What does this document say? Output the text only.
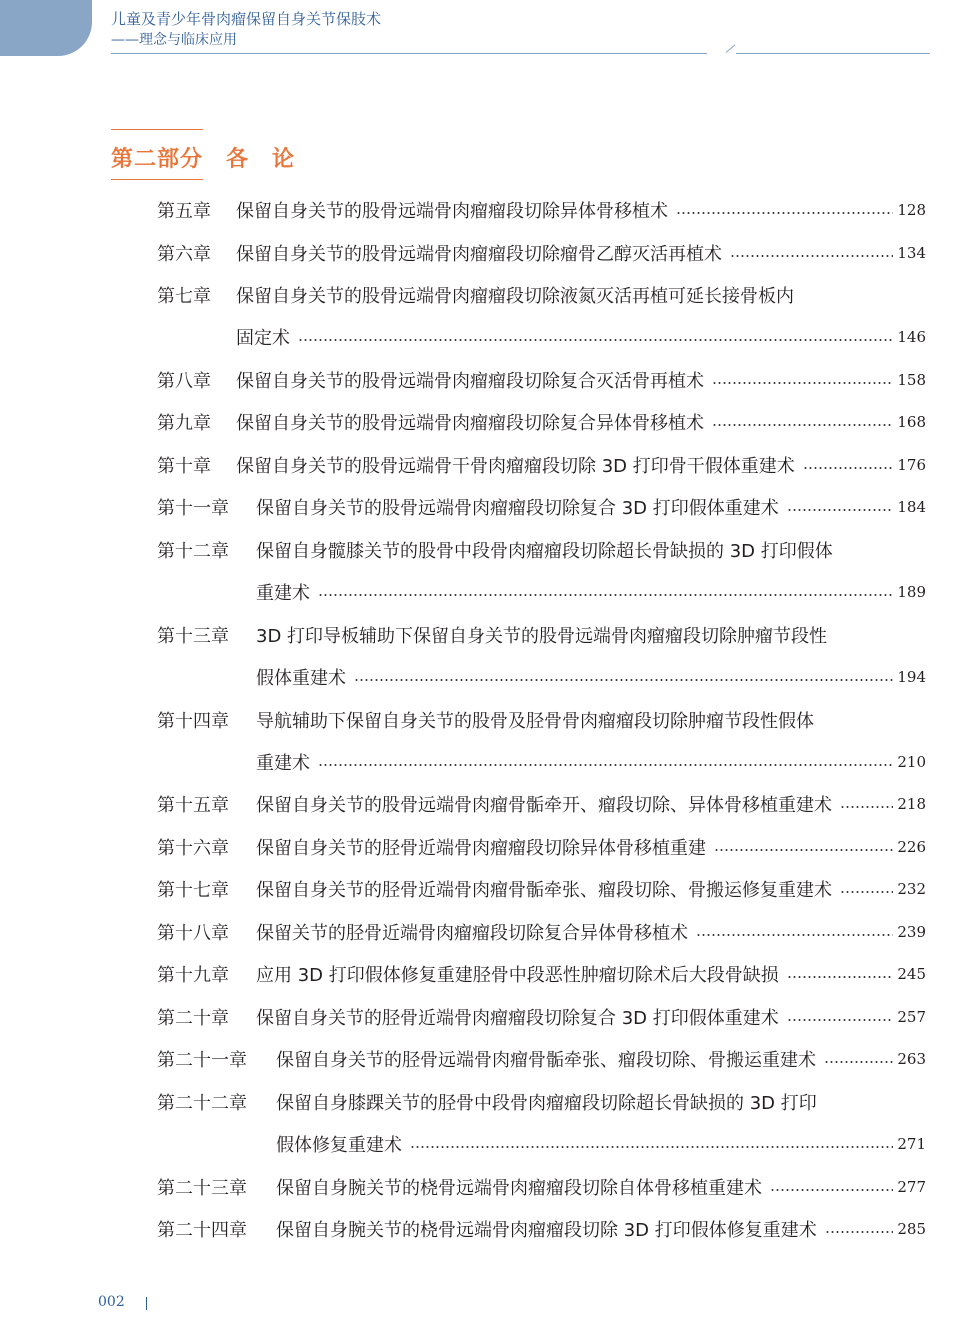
儿童及青少年骨肉瘤保留自身关节保肢术
——理念与临床应用
第二部分　各　论
第五章	保留自身关节的股骨远端骨肉瘤瘤段切除异体骨移植术	128
第六章	保留自身关节的股骨远端骨肉瘤瘤段切除瘤骨乙醇灭活再植术	134
第七章	保留自身关节的股骨远端骨肉瘤瘤段切除液氮灭活再植可延长接骨板内
固定术	146
第八章	保留自身关节的股骨远端骨肉瘤瘤段切除复合灭活骨再植术	158
第九章	保留自身关节的股骨远端骨肉瘤瘤段切除复合异体骨移植术	168
第十章	保留自身关节的股骨远端骨干骨肉瘤瘤段切除 3D 打印骨干假体重建术	176
第十一章	保留自身关节的股骨远端骨肉瘤瘤段切除复合 3D 打印假体重建术	184
第十二章	保留自身髋膝关节的股骨中段骨肉瘤瘤段切除超长骨缺损的 3D 打印假体
重建术	189
第十三章	3D 打印导板辅助下保留自身关节的股骨远端骨肉瘤瘤段切除肿瘤节段性
假体重建术	194
第十四章	导航辅助下保留自身关节的股骨及胫骨骨肉瘤瘤段切除肿瘤节段性假体
重建术	210
第十五章	保留自身关节的股骨远端骨肉瘤骨骺牵开、瘤段切除、异体骨移植重建术	218
第十六章	保留自身关节的胫骨近端骨肉瘤瘤段切除异体骨移植重建	226
第十七章	保留自身关节的胫骨近端骨肉瘤骨骺牵张、瘤段切除、骨搬运修复重建术	232
第十八章	保留关节的胫骨近端骨肉瘤瘤段切除复合异体骨移植术	239
第十九章	应用 3D 打印假体修复重建胫骨中段恶性肿瘤切除术后大段骨缺损	245
第二十章	保留自身关节的胫骨近端骨肉瘤瘤段切除复合 3D 打印假体重建术	257
第二十一章	保留自身关节的胫骨远端骨肉瘤骨骺牵张、瘤段切除、骨搬运重建术	263
第二十二章	保留自身膝踝关节的胫骨中段骨肉瘤瘤段切除超长骨缺损的 3D 打印
假体修复重建术	271
第二十三章	保留自身腕关节的桡骨远端骨肉瘤瘤段切除自体骨移植重建术	277
第二十四章	保留自身腕关节的桡骨远端骨肉瘤瘤段切除 3D 打印假体修复重建术	285
002
